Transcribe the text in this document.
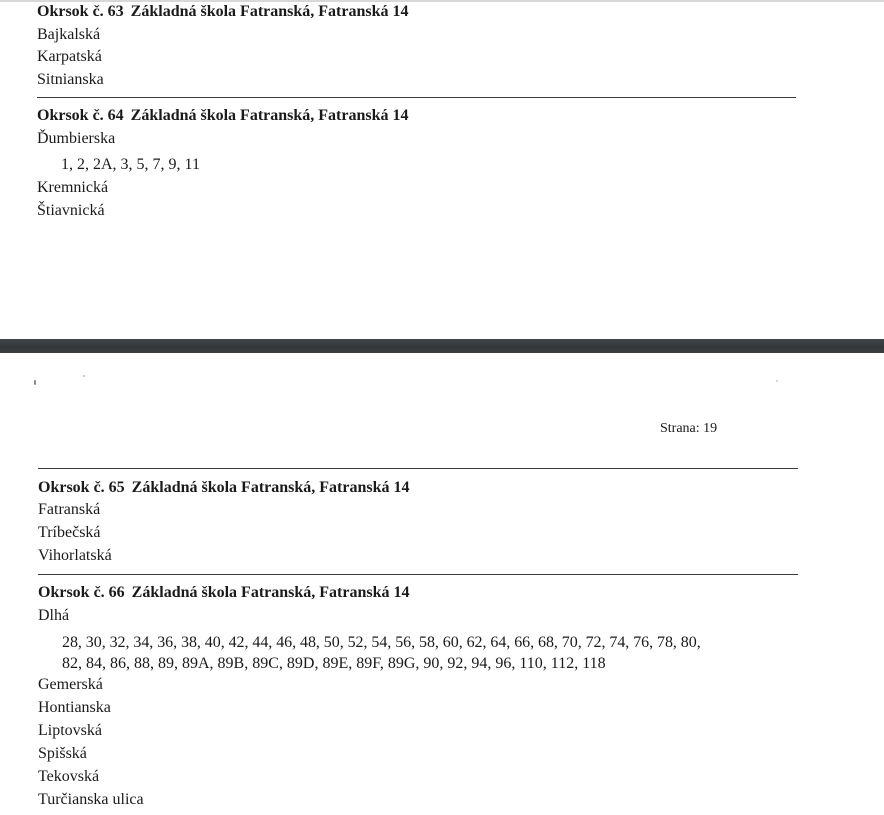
Okrsok č. 63 Základná škola Fatranská, Fatranská 14
Bajkalská
Karpatská
Sitnianska
Okrsok č. 64 Základná škola Fatranská, Fatranská 14
Ďumbierska
1, 2, 2A, 3, 5, 7, 9, 11
Kremnická
Štiavnická
Strana: 19
Okrsok č. 65 Základná škola Fatranská, Fatranská 14
Fatranská
Tríbečská
Vihorlatská
Okrsok č. 66 Základná škola Fatranská, Fatranská 14
Dlhá
28, 30, 32, 34, 36, 38, 40, 42, 44, 46, 48, 50, 52, 54, 56, 58, 60, 62, 64, 66, 68, 70, 72, 74, 76, 78, 80,
82, 84, 86, 88, 89, 89A, 89B, 89C, 89D, 89E, 89F, 89G, 90, 92, 94, 96, 110, 112, 118
Gemerská
Hontianska
Liptovská
Spišská
Tekovská
Turčianska ulica
